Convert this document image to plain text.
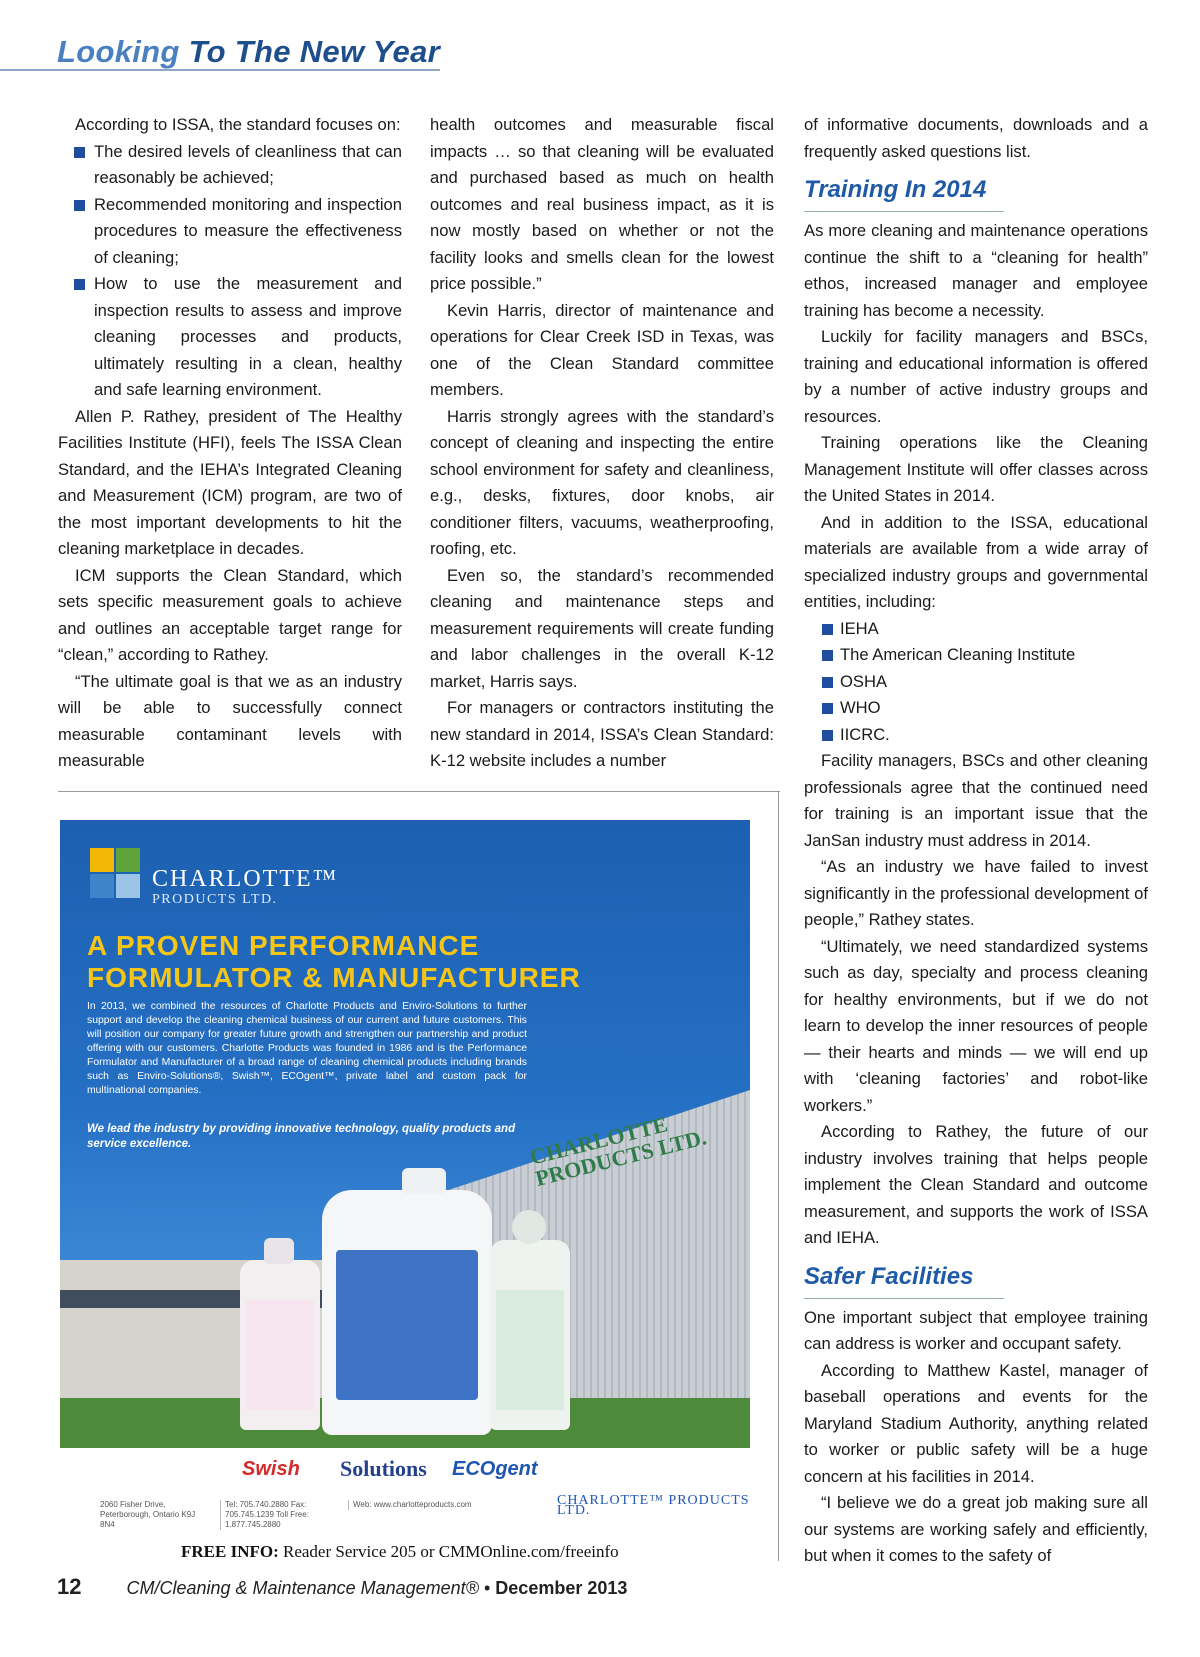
Looking To The New Year

According to ISSA, the standard focuses on:

The desired levels of cleanliness that can reasonably be achieved;
Recommended monitoring and inspection procedures to measure the effectiveness of cleaning;
How to use the measurement and inspection results to assess and improve cleaning processes and products, ultimately resulting in a clean, healthy and safe learning environment.

Allen P. Rathey, president of The Healthy Facilities Institute (HFI), feels The ISSA Clean Standard, and the IEHA’s Integrated Cleaning and Measurement (ICM) program, are two of the most important developments to hit the cleaning marketplace in decades.

ICM supports the Clean Standard, which sets specific measurement goals to achieve and outlines an acceptable target range for “clean,” according to Rathey.

“The ultimate goal is that we as an industry will be able to successfully connect measurable contaminant levels with measurable

health outcomes and measurable fiscal impacts … so that cleaning will be evaluated and purchased based as much on health outcomes and real business impact, as it is now mostly based on whether or not the facility looks and smells clean for the lowest price possible.”

Kevin Harris, director of maintenance and operations for Clear Creek ISD in Texas, was one of the Clean Standard committee members.

Harris strongly agrees with the standard’s concept of cleaning and inspecting the entire school environment for safety and cleanliness, e.g., desks, fixtures, door knobs, air conditioner filters, vacuums, weatherproofing, roofing, etc.

Even so, the standard’s recommended cleaning and maintenance steps and measurement requirements will create funding and labor challenges in the overall K-12 market, Harris says.

For managers or contractors instituting the new standard in 2014, ISSA’s Clean Standard: K-12 website includes a number

of informative documents, downloads and a frequently asked questions list.

Training In 2014

As more cleaning and maintenance operations continue the shift to a “cleaning for health” ethos, increased manager and employee training has become a necessity.

Luckily for facility managers and BSCs, training and educational information is offered by a number of active industry groups and resources.

Training operations like the Cleaning Management Institute will offer classes across the United States in 2014.

And in addition to the ISSA, educational materials are available from a wide array of specialized industry groups and governmental entities, including:

IEHA
The American Cleaning Institute
OSHA
WHO
IICRC.

Facility managers, BSCs and other cleaning professionals agree that the continued need for training is an important issue that the JanSan industry must address in 2014.

“As an industry we have failed to invest significantly in the professional development of people,” Rathey states.

“Ultimately, we need standardized systems such as day, specialty and process cleaning for healthy environments, but if we do not learn to develop the inner resources of people — their hearts and minds — we will end up with ‘cleaning factories’ and robot-like workers.”

According to Rathey, the future of our industry involves training that helps people implement the Clean Standard and outcome measurement, and supports the work of ISSA and IEHA.

Safer Facilities

One important subject that employee training can address is worker and occupant safety.

According to Matthew Kastel, manager of baseball operations and events for the Maryland Stadium Authority, anything related to worker or public safety will be a huge concern at his facilities in 2014.

“I believe we do a great job making sure all our systems are working safely and efficiently, but when it comes to the safety of

CHARLOTTE™
PRODUCTS LTD.
A PROVEN PERFORMANCE
FORMULATOR & MANUFACTURER
In 2013, we combined the resources of Charlotte Products and Enviro-Solutions to further support and develop the cleaning chemical business of our current and future customers. This will position our company for greater future growth and strengthen our partnership and product offering with our customers. Charlotte Products was founded in 1986 and is the Performance Formulator and Manufacturer of a broad range of cleaning chemical products including brands such as Enviro-Solutions®, Swish™, ECOgent™, private label and custom pack for multinational companies.
We lead the industry by providing innovative technology, quality products and service excellence.	CHARLOTTE PRODUCTS LTD.
Swish Solutions ECOgent
2060 Fisher Drive, Peterborough, Ontario K9J 8N4
Tel: 705.740.2880 Fax: 705.745.1239 Toll Free: 1.877.745.2880
Web: www.charlotteproducts.com	CHARLOTTE™ PRODUCTS LTD.
FREE INFO: Reader Service 205 or CMMOnline.com/freeinfo
12	CM/Cleaning & Maintenance Management® • December 2013
